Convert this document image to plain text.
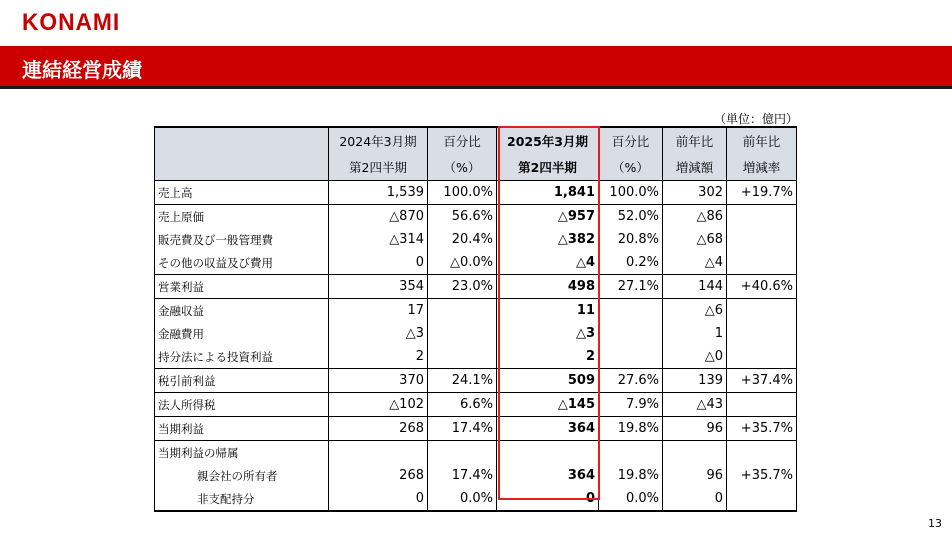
KONAMI
連結経営成績
（単位：億円）
	2024年3月期	百分比	2025年3月期	百分比	前年比	前年比
	第2四半期	（%）	第2四半期	（%）	増減額	増減率
売上高	1,539	100.0%	1,841	100.0%	302	+19.7%
売上原価	△870	56.6%	△957	52.0%	△86	
販売費及び一般管理費	△314	20.4%	△382	20.8%	△68	
その他の収益及び費用	0	△0.0%	△4	0.2%	△4	
営業利益	354	23.0%	498	27.1%	144	+40.6%
金融収益	17		11		△6	
金融費用	△3		△3		1	
持分法による投資利益	2		2		△0	
税引前利益	370	24.1%	509	27.6%	139	+37.4%
法人所得税	△102	6.6%	△145	7.9%	△43	
当期利益	268	17.4%	364	19.8%	96	+35.7%
当期利益の帰属						
親会社の所有者	268	17.4%	364	19.8%	96	+35.7%
非支配持分	0	0.0%	0	0.0%	0	
13
